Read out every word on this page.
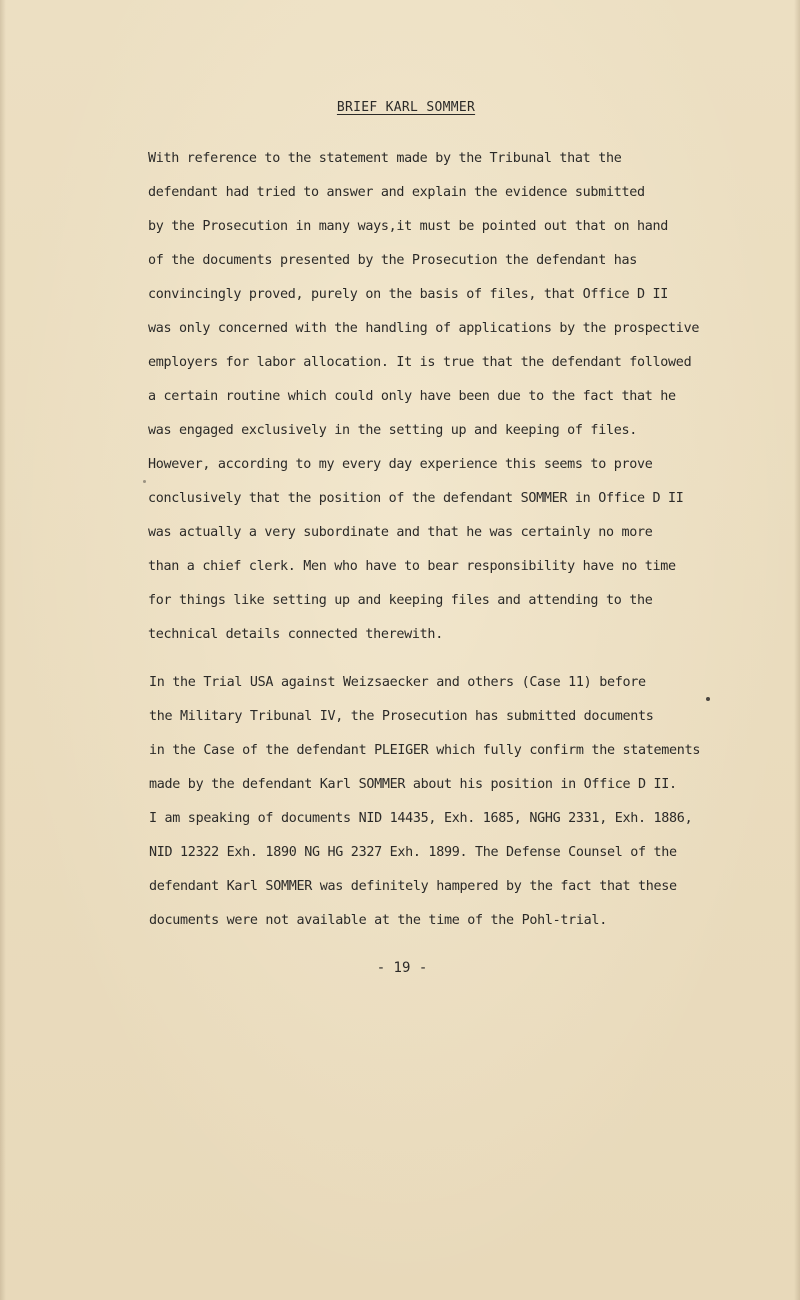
BRIEF KARL SOMMER
With reference to the statement made by the Tribunal that the
defendant had tried to answer and explain the evidence submitted
by the Prosecution in many ways,it must be pointed out that on hand
of the documents presented by the Prosecution the defendant has
convincingly proved, purely on the basis of files, that Office D II
was only concerned with the handling of applications by the prospective
employers for labor allocation. It is true that the defendant followed
a certain routine which could only have been due to the fact that he
was engaged exclusively in the setting up and keeping of files.
However, according to my every day experience this seems to prove
conclusively that the position of the defendant SOMMER in Office D II
was actually a very subordinate and that he was certainly no more
than a chief clerk. Men who have to bear responsibility have no time
for things like setting up and keeping files and attending to the
technical details connected therewith.
In the Trial USA against Weizsaecker and others (Case 11) before
the Military Tribunal IV, the Prosecution has submitted documents
in the Case of the defendant PLEIGER which fully confirm the statements
made by the defendant Karl SOMMER about his position in Office D II.
I am speaking of documents NID 14435, Exh. 1685, NGHG 2331, Exh. 1886,
NID 12322 Exh. 1890 NG HG 2327 Exh. 1899. The Defense Counsel of the
defendant Karl SOMMER was definitely hampered by the fact that these
documents were not available at the time of the Pohl-trial.
- 19 -
